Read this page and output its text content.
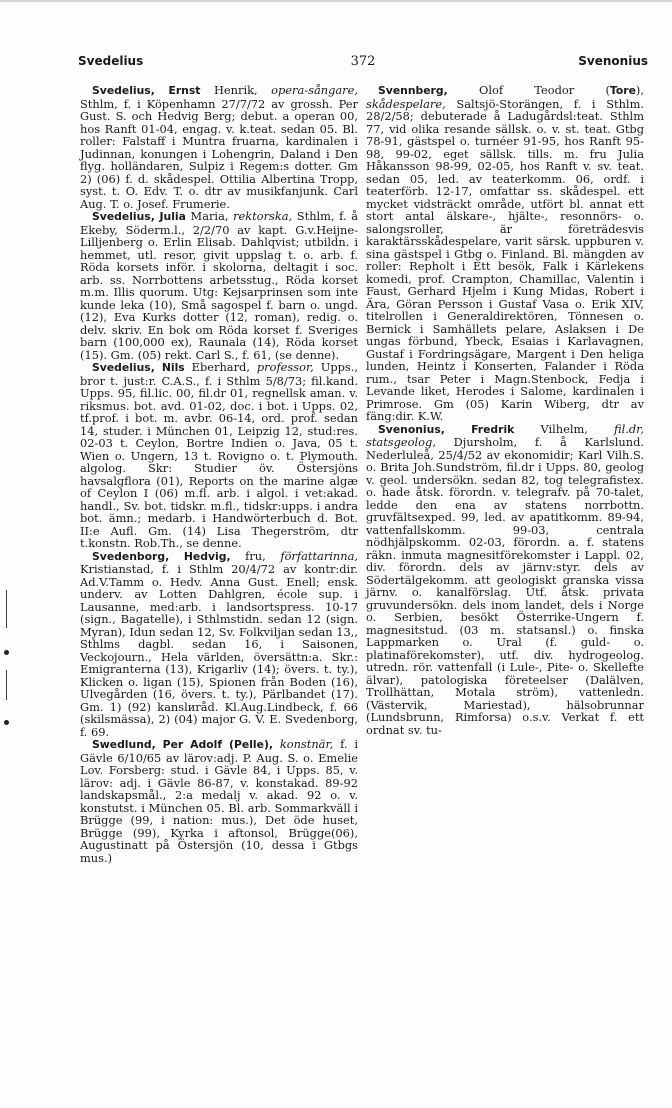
Svedelius	372	Svenonius

Svedelius, Ernst Henrik, opera-sångare, Sthlm, f. i Köpenhamn 27/7/72 av grossh. Per Gust. S. och Hedvig Berg; debut. a operan 00, hos Ranft 01-04, engag. v. k.teat. sedan 05. Bl. roller: Falstaff i Muntra fruarna, kardinalen i Judinnan, konungen i Lohengrin, Daland i Den flyg. holländaren, Sulpiz i Regem:s dotter. Gm 2) (06) f. d. skådespel. Ottilia Albertina Tropp, syst. t. O. Edv. T. o. dtr av musikfanjunk. Carl Aug. T. o. Josef. Frumerie.

Svedelius, Julia Maria, rektorska, Sthlm, f. å Ekeby, Söderm.l., 2/2/70 av kapt. G.v.Heijne-Lilljenberg o. Erlin Elisab. Dahlqvist; utbildn. i hemmet, utl. resor, givit uppslag t. o. arb. f. Röda korsets inför. i skolorna, deltagit i soc. arb. ss. Norrbottens arbetsstug., Röda korset m.m. Illis quorum. Utg: Kejsarprinsen som inte kunde leka (10), Små sagospel f. barn o. ungd. (12), Eva Kurks dotter (12, roman), redig. o. delv. skriv. En bok om Röda korset f. Sveriges barn (100,000 ex), Raunala (14), Röda korset (15). Gm. (05) rekt. Carl S., f. 61, (se denne).

Svedelius, Nils Eberhard, professor, Upps., bror t. just:r. C.A.S., f. i Sthlm 5/8/73; fil.kand. Upps. 95, fil.lic. 00, fil.dr 01, regnellsk aman. v. riksmus. bot. avd. 01-02, doc. i bot. i Upps. 02, tf.prof. i bot. m. avbr. 06-14, ord. prof. sedan 14, studer. i München 01, Leipzig 12, stud:res. 02-03 t. Ceylon, Bortre Indien o. Java, 05 t. Wien o. Ungern, 13 t. Rovigno o. t. Plymouth. algolog. Skr: Studier öv. Östersjöns havsalgflora (01), Reports on the marine algæ of Ceylon I (06) m.fl. arb. i algol. i vet:akad. handl., Sv. bot. tidskr. m.fl., tidskr:upps. i andra bot. ämn.; medarb. i Handwörterbuch d. Bot. II:e Aufl. Gm. (14) Lisa Thegerström, dtr t.konstn. Rob.Th., se denne.

Svedenborg, Hedvig, fru, författarinna, Kristianstad, f. i Sthlm 20/4/72 av kontr:dir. Ad.V.Tamm o. Hedv. Anna Gust. Enell; ensk. underv. av Lotten Dahlgren, école sup. i Lausanne, med:arb. i landsortspress. 10-17 (sign., Bagatelle), i Sthlmstidn. sedan 12 (sign. Myran), Idun sedan 12, Sv. Folkviljan sedan 13,, Sthlms dagbl. sedan 16, i Saisonen, Veckojourn., Hela världen, översättn:a. Skr.: Emigranterna (13), Krigarliv (14); övers. t. ty.), Klicken o. ligan (15), Spionen från Boden (16), Ulvegården (16, övers. t. ty.), Pärlbandet (17). Gm. 1) (92) kanslиråd. Kl.Aug.Lindbeck, f. 66 (skilsmässa), 2) (04) major G. V. E. Svedenborg, f. 69.

Swedlund, Per Adolf (Pelle), konstnär, f. i Gävle 6/10/65 av lärov:adj. P. Aug. S. o. Emelie Lov. Forsberg: stud. i Gävle 84, i Upps. 85, v. lärov: adj. i Gävle 86-87, v. konstakad. 89-92 landskapsmål., 2:a medalj v. akad. 92 o. v. konstutst. i München 05. Bl. arb. Sommarkväll i Brügge (99, i nation: mus.), Det öde huset, Brügge (99), Kyrka i aftonsol, Brügge(06), Augustinatt på Östersjön (10, dessa i Gtbgs mus.)

Svennberg, Olof Teodor (Tore), skådespelare, Saltsjö-Storängen, f. i Sthlm. 28/2/58; debuterade å Ladugårdsl:teat. Sthlm 77, vid olika resande sällsk. o. v. st. teat. Gtbg 78-91, gästspel o. turnéer 91-95, hos Ranft 95-98, 99-02, eget sällsk. tills. m. fru Julia Håkansson 98-99, 02-05, hos Ranft v. sv. teat. sedan 05, led. av teaterkomm. 06, ordf. i teaterförb. 12-17, omfattar ss. skådespel. ett mycket vidsträckt område, utfört bl. annat ett stort antal älskare-, hjälte-, resonnörs- o. salongsroller, är företrädesvis karaktärsskådespelare, varit särsk. uppburen v. sina gästspel i Gtbg o. Finland. Bl. mängden av roller: Repholt i Ett besök, Falk i Kärlekens komedi, prof. Crampton, Chamillac, Valentin i Faust, Gerhard Hjelm i Kung Midas, Robert i Ära, Göran Persson i Gustaf Vasa o. Erik XIV, titelrollen i Generaldirektören, Tönnesen o. Bernick i Samhällets pelare, Aslaksen i De ungas förbund, Ybeck, Esaias i Karlavagnen, Gustaf i Fordringsägare, Margent i Den heliga lunden, Heintz i Konserten, Falander i Röda rum., tsar Peter i Magn.Stenbock, Fedja i Levande liket, Herodes i Salome, kardinalen i Primrose. Gm (05) Karin Wiberg, dtr av fäng:dir. K.W.

Svenonius, Fredrik Vilhelm, fil.dr, statsgeolog, Djursholm, f. å Karlslund. Nederluleå, 25/4/52 av ekonomidir; Karl Vilh.S. o. Brita Joh.Sundström, fil.dr i Upps. 80, geolog v. geol. undersökn. sedan 82, tog telegrafistex. o. hade åtsk. förordn. v. telegrafv. på 70-talet, ledde den ena av statens norrbottn. gruvfältsexped. 99, led. av apatitkomm. 89-94, vattenfallskomm. 99-03, centrala nödhjälpskomm. 02-03, förordn. a. f. statens räkn. inmuta magnesitförekomster i Lappl. 02, div. förordn. dels av järnv:styr. dels av Södertälgekomm. att geologiskt granska vissa järnv. o. kanalförslag. Utf. åtsk. privata gruvundersökn. dels inom landet, dels i Norge o. Serbien, besökt Österrike-Ungern f. magnesitstud. (03 m. statsansl.) o. finska Lappmarken o. Ural (f. guld- o. platinaförekomster), utf. div. hydrogeolog. utredn. rör. vattenfall (i Lule-, Pite- o. Skellefte älvar), patologiska företeelser (Dalälven, Trollhättan, Motala ström), vattenledn. (Västervik, Mariestad), hälsobrunnar (Lundsbrunn, Rimforsa) o.s.v. Verkat f. ett ordnat sv. tu-
